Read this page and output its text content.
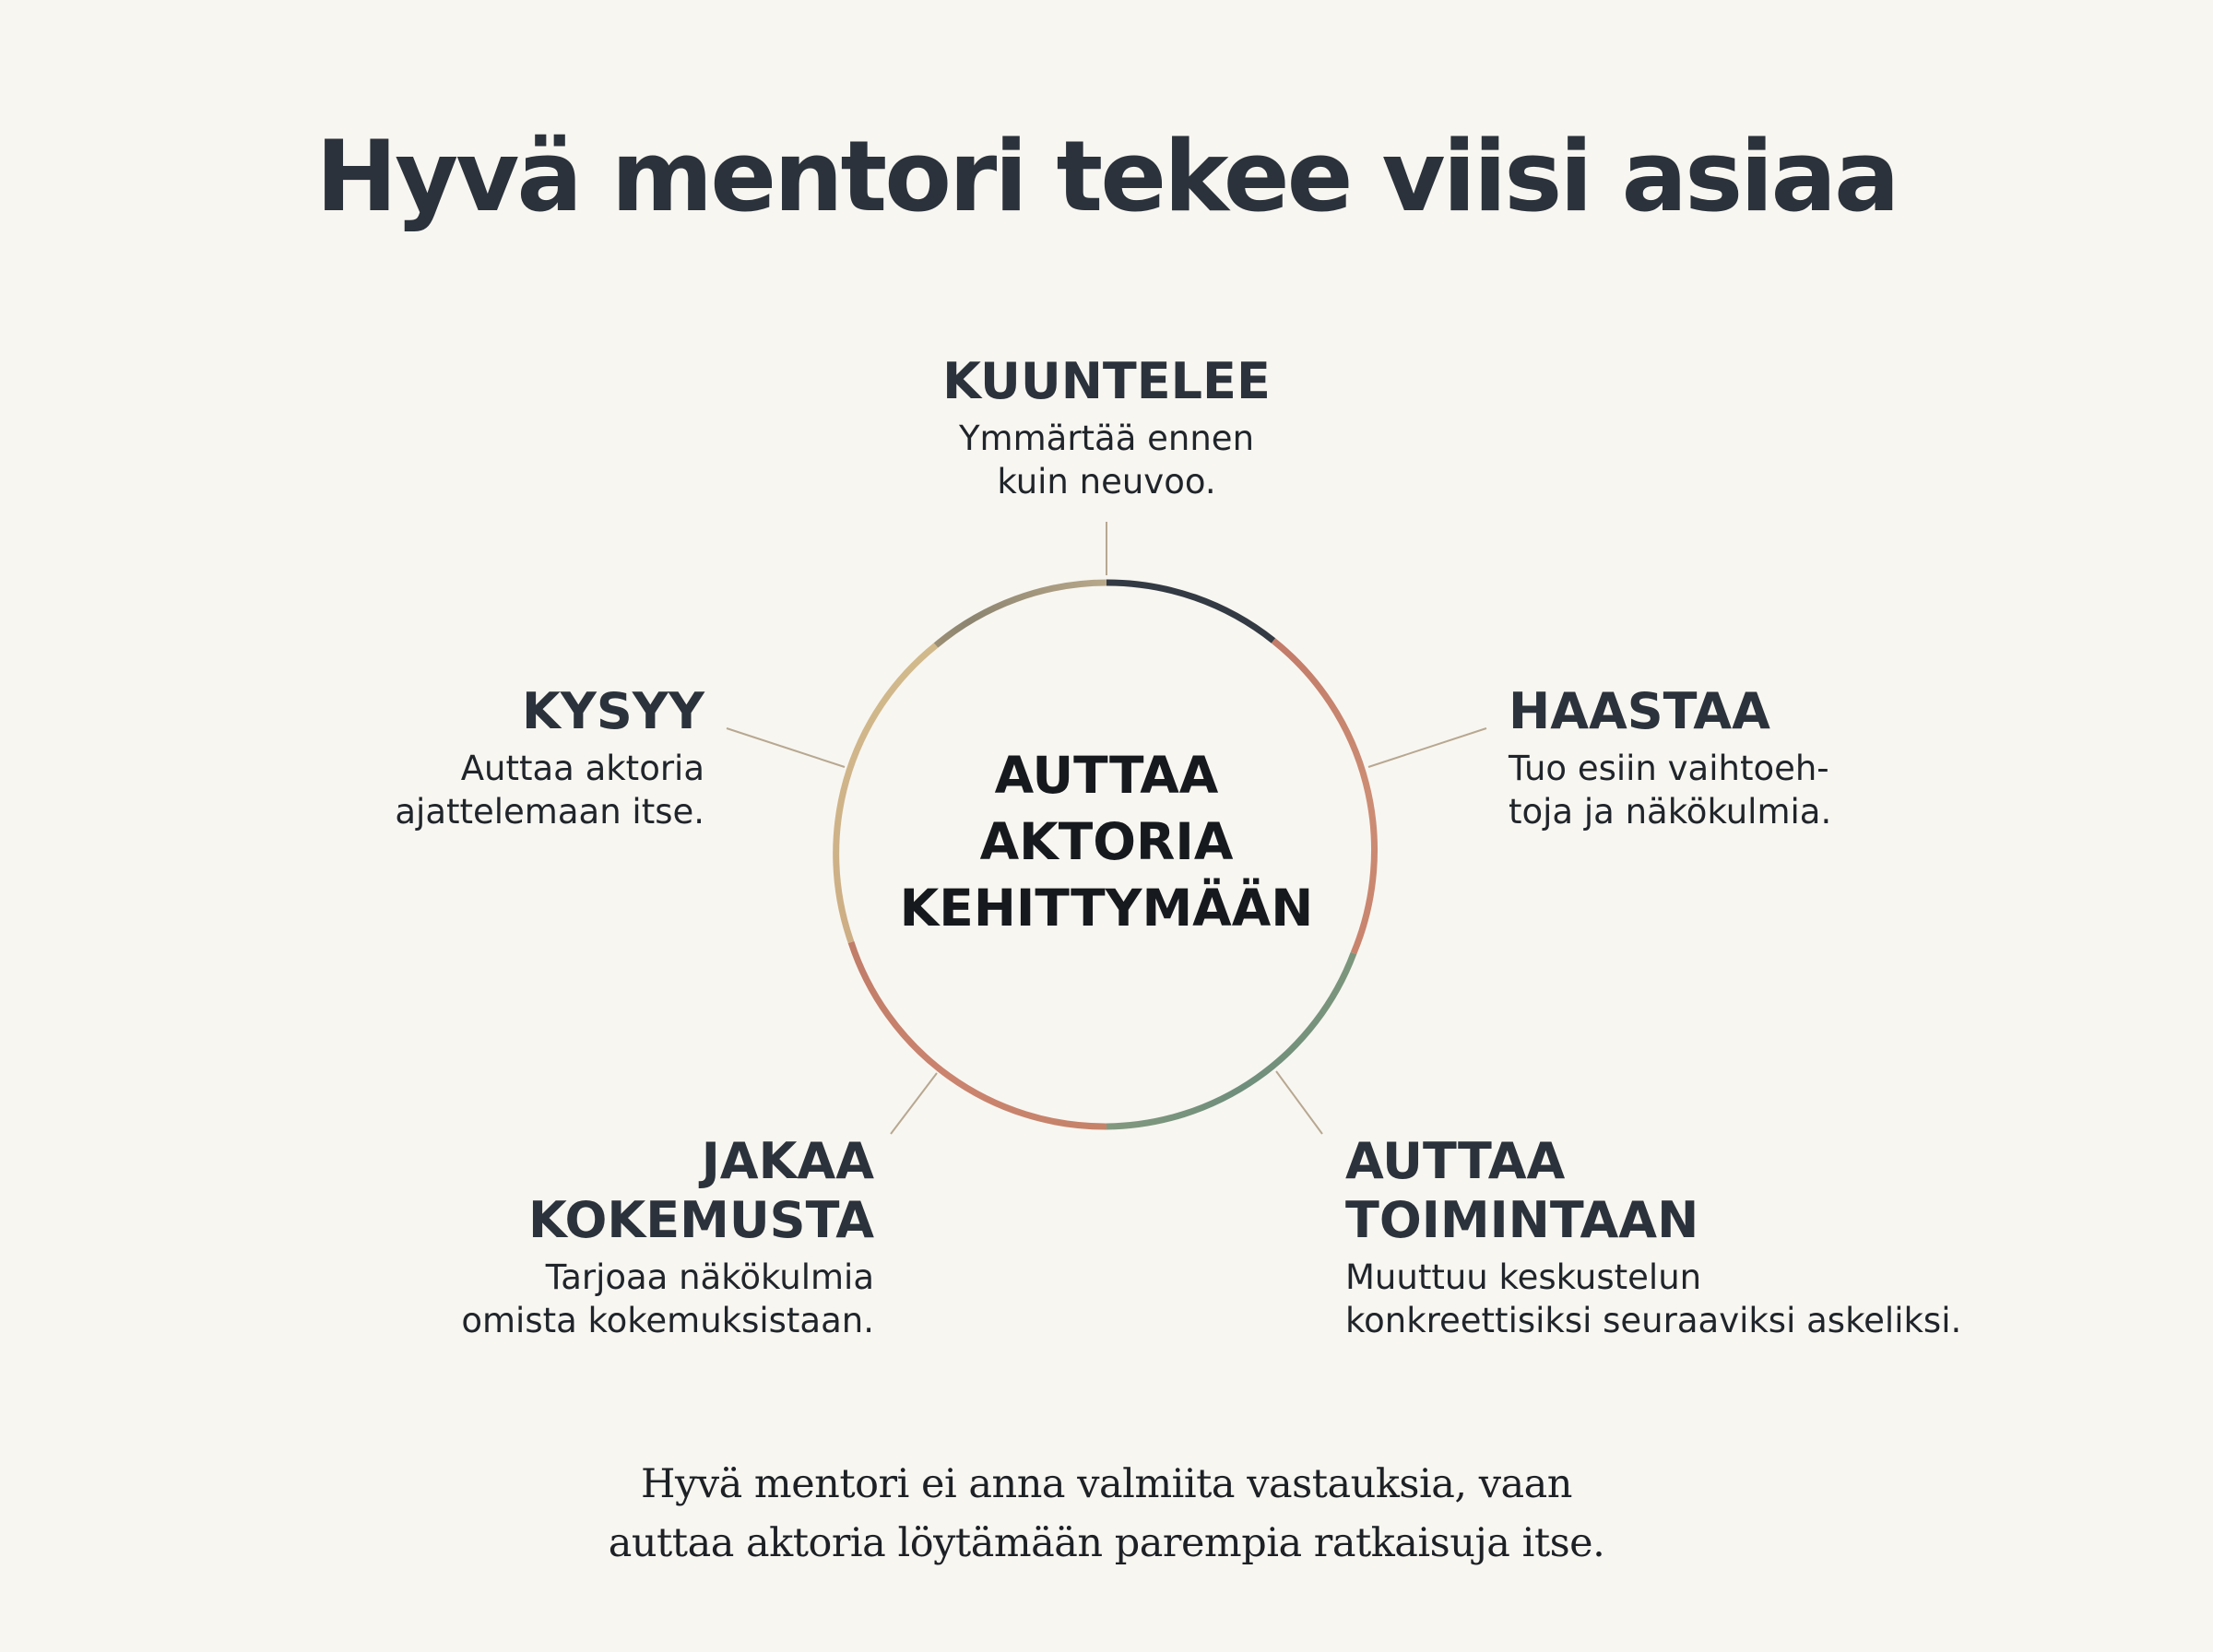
Hyvä mentori tekee viisi asiaa
AUTTAA
AKTORIA
KEHITTYMÄÄN
KUUNTELEE
Ymmärtää ennen
kuin neuvoo.
HAASTAA
Tuo esiin vaihtoeh-
toja ja näkökulmia.
KYSYY
Auttaa aktoria
ajattelemaan itse.
JAKAA
KOKEMUSTA
Tarjoaa näkökulmia
omista kokemuksistaan.
AUTTAA
TOIMINTAAN
Muuttuu keskustelun
konkreettisiksi seuraaviksi askeliksi.
Hyvä mentori ei anna valmiita vastauksia, vaan
auttaa aktoria löytämään parempia ratkaisuja itse.
